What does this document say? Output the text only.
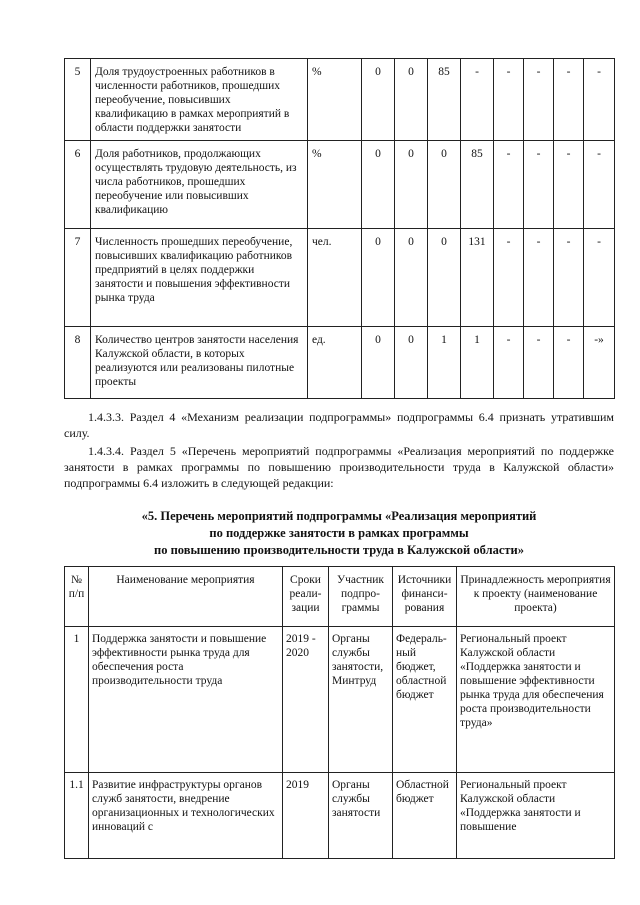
5	Доля трудоустроенных работников в численности работников, прошедших переобучение, повысивших квалификацию в рамках мероприятий в области поддержки занятости	%	0	0	85	-	-	-	-	-
6	Доля работников, продолжающих осуществлять трудовую деятельность, из числа работников, прошедших переобучение или повысивших квалификацию	%	0	0	0	85	-	-	-	-
7	Численность прошедших переобучение, повысивших квалификацию работников предприятий в целях поддержки занятости и повышения эффективности рынка труда	чел.	0	0	0	131	-	-	-	-
8	Количество центров занятости населения Калужской области, в которых реализуются или реализованы пилотные проекты	ед.	0	0	1	1	-	-	-	-»

1.4.3.3. Раздел 4 «Механизм реализации подпрограммы» подпрограммы 6.4 признать утратившим силу.

1.4.3.4. Раздел 5 «Перечень мероприятий подпрограммы «Реализация мероприятий по поддержке занятости в рамках программы по повышению производительности труда в Калужской области» подпрограммы 6.4 изложить в следующей редакции:

«5. Перечень мероприятий подпрограммы «Реализация мероприятий
по поддержке занятости в рамках программы
по повышению производительности труда в Калужской области»
№ п/п	Наименование мероприятия	Сроки реали-зации	Участник подпро-граммы	Источники финанси-рования	Принадлежность мероприятия к проекту (наименование проекта)
1	Поддержка занятости и повышение эффективности рынка труда для обеспечения роста производительности труда	2019 - 2020	Органы службы занятости, Минтруд	Федераль-ный бюджет, областной бюджет	Региональный проект Калужской области «Поддержка занятости и повышение эффективности рынка труда для обеспечения роста производительности труда»
1.1	Развитие инфраструктуры органов служб занятости, внедрение организационных и технологических инноваций с	2019	Органы службы занятости	Областной бюджет	Региональный проект Калужской области «Поддержка занятости и повышение
